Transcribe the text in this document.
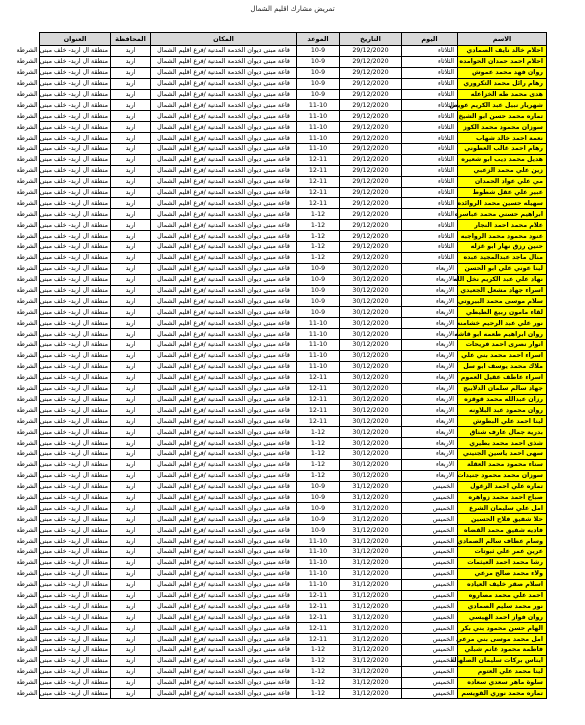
تمريض مشارك اقليم الشمال
الاسم	اليوم	التاريخ	الموعد	المكان	المحافظة	العنوان
احلام خالد نايف الصمادي	الثلاثاء	29/12/2020	10-9	قاعة مبنى ديوان الخدمة المدنية /فرع اقليم الشمال	اربد	منطقة ال اربد- خلف مبنى الشرطة
احلام احمد حمدان الحوامده	الثلاثاء	29/12/2020	10-9	قاعة مبنى ديوان الخدمة المدنية /فرع اقليم الشمال	اربد	منطقة ال اربد- خلف مبنى الشرطة
روان فهد محمد عموش	الثلاثاء	29/12/2020	10-9	قاعة مبنى ديوان الخدمة المدنية /فرع اقليم الشمال	اربد	منطقة ال اربد- خلف مبنى الشرطة
رهام رائل محمد التكروري	الثلاثاء	29/12/2020	10-9	قاعة مبنى ديوان الخدمة المدنية /فرع اقليم الشمال	اربد	منطقة ال اربد- خلف مبنى الشرطة
هدى محمد طه الخزاعله	الثلاثاء	29/12/2020	10-9	قاعة مبنى ديوان الخدمة المدنية /فرع اقليم الشمال	اربد	منطقة ال اربد- خلف مبنى الشرطة
شهريار نبيل عبد الكريم عويص	الثلاثاء	29/12/2020	11-10	قاعة مبنى ديوان الخدمة المدنية /فرع اقليم الشمال	اربد	منطقة ال اربد- خلف مبنى الشرطة
تماره محمد حسن ابو الشيخ	الثلاثاء	29/12/2020	11-10	قاعة مبنى ديوان الخدمة المدنية /فرع اقليم الشمال	اربد	منطقة ال اربد- خلف مبنى الشرطة
سوزان محمود محمد الكوز	الثلاثاء	29/12/2020	11-10	قاعة مبنى ديوان الخدمة المدنية /فرع اقليم الشمال	اربد	منطقة ال اربد- خلف مبنى الشرطة
نعمة احمد خالد شهاب	الثلاثاء	29/12/2020	11-10	قاعة مبنى ديوان الخدمة المدنية /فرع اقليم الشمال	اربد	منطقة ال اربد- خلف مبنى الشرطة
رهام احمد غالب العطوني	الثلاثاء	29/12/2020	11-10	قاعة مبنى ديوان الخدمة المدنية /فرع اقليم الشمال	اربد	منطقة ال اربد- خلف مبنى الشرطة
هديل محمد ديب ابو شعيره	الثلاثاء	29/12/2020	12-11	قاعة مبنى ديوان الخدمة المدنية /فرع اقليم الشمال	اربد	منطقة ال اربد- خلف مبنى الشرطة
زين علي محمد الزعبي	الثلاثاء	29/12/2020	12-11	قاعة مبنى ديوان الخدمة المدنية /فرع اقليم الشمال	اربد	منطقة ال اربد- خلف مبنى الشرطة
مي علي عواد الحمدان	الثلاثاء	29/12/2020	12-11	قاعة مبنى ديوان الخدمة المدنية /فرع اقليم الشمال	اربد	منطقة ال اربد- خلف مبنى الشرطة
عبير علي عقل شطوط	الثلاثاء	29/12/2020	12-11	قاعة مبنى ديوان الخدمة المدنية /فرع اقليم الشمال	اربد	منطقة ال اربد- خلف مبنى الشرطة
سهيله حسين محمد الروائده	الثلاثاء	29/12/2020	12-11	قاعة مبنى ديوان الخدمة المدنية /فرع اقليم الشمال	اربد	منطقة ال اربد- خلف مبنى الشرطة
ابراهيم حسني محمد عباسره	الثلاثاء	29/12/2020	1-12	قاعة مبنى ديوان الخدمة المدنية /فرع اقليم الشمال	اربد	منطقة ال اربد- خلف مبنى الشرطة
علام محمد احمد النجار	الثلاثاء	29/12/2020	1-12	قاعة مبنى ديوان الخدمة المدنية /فرع اقليم الشمال	اربد	منطقة ال اربد- خلف مبنى الشرطة
عنود محمود محمد الرواجبه	الثلاثاء	29/12/2020	1-12	قاعة مبنى ديوان الخدمة المدنية /فرع اقليم الشمال	اربد	منطقة ال اربد- خلف مبنى الشرطة
حنين رزق نهار ابو غزله	الثلاثاء	29/12/2020	1-12	قاعة مبنى ديوان الخدمة المدنية /فرع اقليم الشمال	اربد	منطقة ال اربد- خلف مبنى الشرطة
منال ماجد عبدالمجيد عبده	الثلاثاء	29/12/2020	1-12	قاعة مبنى ديوان الخدمة المدنية /فرع اقليم الشمال	اربد	منطقة ال اربد- خلف مبنى الشرطة
لينا عوني علي ابو الحسن	الاربعاء	30/12/2020	10-9	قاعة مبنى ديوان الخدمة المدنية /فرع اقليم الشمال	اربد	منطقة ال اربد- خلف مبنى الشرطة
نهاد علي عبد الكريم نخل الله	الاربعاء	30/12/2020	10-9	قاعة مبنى ديوان الخدمة المدنية /فرع اقليم الشمال	اربد	منطقة ال اربد- خلف مبنى الشرطة
اسراء جهاد مشعل الجعيدي	الاربعاء	30/12/2020	10-9	قاعة مبنى ديوان الخدمة المدنية /فرع اقليم الشمال	اربد	منطقة ال اربد- خلف مبنى الشرطة
سلام موسى محمد البيروتي	الاربعاء	30/12/2020	10-9	قاعة مبنى ديوان الخدمة المدنية /فرع اقليم الشمال	اربد	منطقة ال اربد- خلف مبنى الشرطة
لقاء مامون ربيع الطيطي	الاربعاء	30/12/2020	10-9	قاعة مبنى ديوان الخدمة المدنية /فرع اقليم الشمال	اربد	منطقة ال اربد- خلف مبنى الشرطة
نور علي عبد الرحيم خشامنه	الاربعاء	30/12/2020	11-10	قاعة مبنى ديوان الخدمة المدنية /فرع اقليم الشمال	اربد	منطقة ال اربد- خلف مبنى الشرطة
روان ابراهيم طعمه ابو قاشه	الاربعاء	30/12/2020	11-10	قاعة مبنى ديوان الخدمة المدنية /فرع اقليم الشمال	اربد	منطقة ال اربد- خلف مبنى الشرطة
انوار نصرى احمد فريحات	الاربعاء	30/12/2020	11-10	قاعة مبنى ديوان الخدمة المدنية /فرع اقليم الشمال	اربد	منطقة ال اربد- خلف مبنى الشرطة
اسراء احمد محمد بني علي	الاربعاء	30/12/2020	11-10	قاعة مبنى ديوان الخدمة المدنية /فرع اقليم الشمال	اربد	منطقة ال اربد- خلف مبنى الشرطة
ملاك محمد يوسف ابو سل	الاربعاء	30/12/2020	11-10	قاعة مبنى ديوان الخدمة المدنية /فرع اقليم الشمال	اربد	منطقة ال اربد- خلف مبنى الشرطة
اسراء عاطف عقيل العموم	الاربعاء	30/12/2020	12-11	قاعة مبنى ديوان الخدمة المدنية /فرع اقليم الشمال	اربد	منطقة ال اربد- خلف مبنى الشرطة
جهاد سالم سلمان الدلابيج	الاربعاء	30/12/2020	12-11	قاعة مبنى ديوان الخدمة المدنية /فرع اقليم الشمال	اربد	منطقة ال اربد- خلف مبنى الشرطة
رزان عبدالله محمد قوقزه	الاربعاء	30/12/2020	12-11	قاعة مبنى ديوان الخدمة المدنية /فرع اقليم الشمال	اربد	منطقة ال اربد- خلف مبنى الشرطة
روان محمود عبد البلاونه	الاربعاء	30/12/2020	12-11	قاعة مبنى ديوان الخدمة المدنية /فرع اقليم الشمال	اربد	منطقة ال اربد- خلف مبنى الشرطة
لينا احمد علي البطوش	الاربعاء	30/12/2020	12-11	قاعة مبنى ديوان الخدمة المدنية /فرع اقليم الشمال	اربد	منطقة ال اربد- خلف مبنى الشرطة
بدرية جمال عارف شناق	الاربعاء	30/12/2020	1-12	قاعة مبنى ديوان الخدمة المدنية /فرع اقليم الشمال	اربد	منطقة ال اربد- خلف مبنى الشرطة
شذى احمد محمد بطيري	الاربعاء	30/12/2020	1-12	قاعة مبنى ديوان الخدمة المدنية /فرع اقليم الشمال	اربد	منطقة ال اربد- خلف مبنى الشرطة
سهى احمد ياسين الجنيني	الاربعاء	30/12/2020	1-12	قاعة مبنى ديوان الخدمة المدنية /فرع اقليم الشمال	اربد	منطقة ال اربد- خلف مبنى الشرطة
سناء محمود محمد العقلة	الاربعاء	30/12/2020	1-12	قاعة مبنى ديوان الخدمة المدنية /فرع اقليم الشمال	اربد	منطقة ال اربد- خلف مبنى الشرطة
سوزان محمد محمود جنيدات	الاربعاء	30/12/2020	1-12	قاعة مبنى ديوان الخدمة المدنية /فرع اقليم الشمال	اربد	منطقة ال اربد- خلف مبنى الشرطة
تماره علي احمد الزغول	الخميس	31/12/2020	10-9	قاعة مبنى ديوان الخدمة المدنية /فرع اقليم الشمال	اربد	منطقة ال اربد- خلف مبنى الشرطة
صباح احمد محمد زواهره	الخميس	31/12/2020	10-9	قاعة مبنى ديوان الخدمة المدنية /فرع اقليم الشمال	اربد	منطقة ال اربد- خلف مبنى الشرطة
امل علي سليمان الشرع	الخميس	31/12/2020	10-9	قاعة مبنى ديوان الخدمة المدنية /فرع اقليم الشمال	اربد	منطقة ال اربد- خلف مبنى الشرطة
حلا شفيق فلاح الحسين	الخميس	31/12/2020	10-9	قاعة مبنى ديوان الخدمة المدنية /فرع اقليم الشمال	اربد	منطقة ال اربد- خلف مبنى الشرطة
فاديه شفيق محمد القضاه	الخميس	31/12/2020	10-9	قاعة مبنى ديوان الخدمة المدنية /فرع اقليم الشمال	اربد	منطقة ال اربد- خلف مبنى الشرطة
وسام عطاف سالم الصمادي	الخميس	31/12/2020	11-10	قاعة مبنى ديوان الخدمة المدنية /فرع اقليم الشمال	اربد	منطقة ال اربد- خلف مبنى الشرطة
عرين عمر علي ثبوتات	الخميس	31/12/2020	11-10	قاعة مبنى ديوان الخدمة المدنية /فرع اقليم الشمال	اربد	منطقة ال اربد- خلف مبنى الشرطة
رشا محمد احمد العيثمات	الخميس	31/12/2020	11-10	قاعة مبنى ديوان الخدمة المدنية /فرع اقليم الشمال	اربد	منطقة ال اربد- خلف مبنى الشرطة
ولاء محمد صالح مرعي	الخميس	31/12/2020	11-10	قاعة مبنى ديوان الخدمة المدنية /فرع اقليم الشمال	اربد	منطقة ال اربد- خلف مبنى الشرطة
اسلام صقر خليف العياده	الخميس	31/12/2020	11-10	قاعة مبنى ديوان الخدمة المدنية /فرع اقليم الشمال	اربد	منطقة ال اربد- خلف مبنى الشرطة
احمد علي محمد مصاروه	الخميس	31/12/2020	12-11	قاعة مبنى ديوان الخدمة المدنية /فرع اقليم الشمال	اربد	منطقة ال اربد- خلف مبنى الشرطة
نور محمد سليم الصمادي	الخميس	31/12/2020	12-11	قاعة مبنى ديوان الخدمة المدنية /فرع اقليم الشمال	اربد	منطقة ال اربد- خلف مبنى الشرطة
روان فواز احمد الهيسي	الخميس	31/12/2020	12-11	قاعة مبنى ديوان الخدمة المدنية /فرع اقليم الشمال	اربد	منطقة ال اربد- خلف مبنى الشرطة
الهام حسن محمود بني بكر	الخميس	31/12/2020	12-11	قاعة مبنى ديوان الخدمة المدنية /فرع اقليم الشمال	اربد	منطقة ال اربد- خلف مبنى الشرطة
امل محمد موسى بني مرعي	الخميس	31/12/2020	12-11	قاعة مبنى ديوان الخدمة المدنية /فرع اقليم الشمال	اربد	منطقة ال اربد- خلف مبنى الشرطة
فاطمة محمود غانم شبلي	الخميس	31/12/2020	1-12	قاعة مبنى ديوان الخدمة المدنية /فرع اقليم الشمال	اربد	منطقة ال اربد- خلف مبنى الشرطة
ايناس بركات سليمان الصلهالة	الخميس	31/12/2020	1-12	قاعة مبنى ديوان الخدمة المدنية /فرع اقليم الشمال	اربد	منطقة ال اربد- خلف مبنى الشرطة
لينا محمد علي العتوم	الخميس	31/12/2020	1-12	قاعة مبنى ديوان الخدمة المدنية /فرع اقليم الشمال	اربد	منطقة ال اربد- خلف مبنى الشرطة
سلوة ماهر سعدي سعاده	الخميس	31/12/2020	1-12	قاعة مبنى ديوان الخدمة المدنية /فرع اقليم الشمال	اربد	منطقة ال اربد- خلف مبنى الشرطة
تماره محمد نوري القويسم	الخميس	31/12/2020	1-12	قاعة مبنى ديوان الخدمة المدنية /فرع اقليم الشمال	اربد	منطقة ال اربد- خلف مبنى الشرطة
